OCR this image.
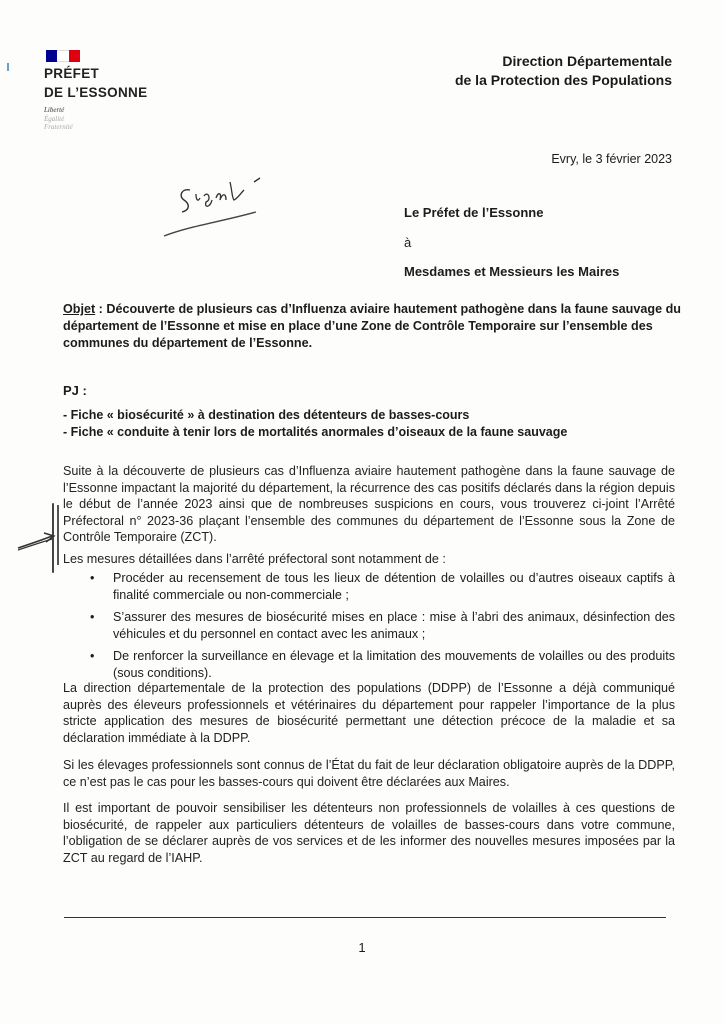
PRÉFET
DE L’ESSONNE
Liberté
Égalité
Fraternité
Direction Départementale
de la Protection des Populations
Evry, le 3 février 2023
Le Préfet de l’Essonne
à
Mesdames et Messieurs les Maires
Objet : Découverte de plusieurs cas d’Influenza aviaire hautement pathogène dans la faune sauvage du département de l’Essonne et mise en place d’une Zone de Contrôle Temporaire sur l’ensemble des communes du département de l’Essonne.
PJ :
- Fiche « biosécurité » à destination des détenteurs de basses-cours
- Fiche « conduite à tenir lors de mortalités anormales d’oiseaux de la faune sauvage
Suite à la découverte de plusieurs cas d’Influenza aviaire hautement pathogène dans la faune sauvage de l’Essonne impactant la majorité du département, la récurrence des cas positifs déclarés dans la région depuis le début de l’année 2023 ainsi que de nombreuses suspicions en cours, vous trouverez ci-joint l’Arrêté Préfectoral n° 2023-36 plaçant l’ensemble des communes du département de l’Essonne sous la Zone de Contrôle Temporaire (ZCT).
Les mesures détaillées dans l’arrêté préfectoral sont notamment de :
• Procéder au recensement de tous les lieux de détention de volailles ou d’autres oiseaux captifs à finalité commerciale ou non-commerciale ;
• S’assurer des mesures de biosécurité mises en place : mise à l’abri des animaux, désinfection des véhicules et du personnel en contact avec les animaux ;
• De renforcer la surveillance en élevage et la limitation des mouvements de volailles ou des produits (sous conditions).
La direction départementale de la protection des populations (DDPP) de l’Essonne a déjà communiqué auprès des éleveurs professionnels et vétérinaires du département pour rappeler l’importance de la plus stricte application des mesures de biosécurité permettant une détection précoce de la maladie et sa déclaration immédiate à la DDPP.
Si les élevages professionnels sont connus de l’État du fait de leur déclaration obligatoire auprès de la DDPP, ce n’est pas le cas pour les basses-cours qui doivent être déclarées aux Maires.
Il est important de pouvoir sensibiliser les détenteurs non professionnels de volailles à ces questions de biosécurité, de rappeler aux particuliers détenteurs de volailles de basses-cours dans votre commune, l’obligation de se déclarer auprès de vos services et de les informer des nouvelles mesures imposées par la ZCT au regard de l’IAHP.
1
